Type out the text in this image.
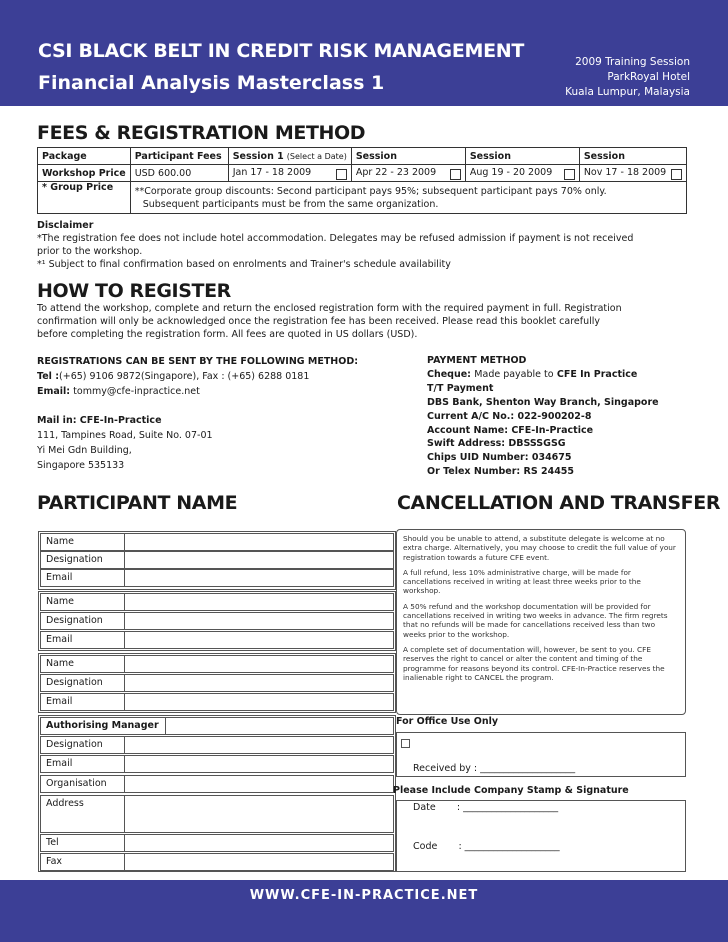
CSI BLACK BELT IN CREDIT RISK MANAGEMENT
Financial Analysis Masterclass 1
2009 Training Session
ParkRoyal Hotel
Kuala Lumpur, Malaysia
FEES & REGISTRATION METHOD
Package	Participant Fees	Session 1 (Select a Date)	Session	Session	Session
Workshop Price	USD 600.00	Jan 17 - 18 2009	Apr 22 - 23 2009	Aug 19 - 20 2009	Nov 17 - 18 2009

* Group Price	**Corporate group discounts: Second participant pays 95%; subsequent participant pays 70% only.
Subsequent participants must be from the same organization.				
Disclaimer
*The registration fee does not include hotel accommodation. Delegates may be refused admission if payment is not received
prior to the workshop.
*¹ Subject to final confirmation based on enrolments and Trainer's schedule availability
HOW TO REGISTER
To attend the workshop, complete and return the enclosed registration form with the required payment in full. Registration
confirmation will only be acknowledged once the registration fee has been received. Please read this booklet carefully
before completing the registration form. All fees are quoted in US dollars (USD).
REGISTRATIONS CAN BE SENT BY THE FOLLOWING METHOD:
Tel :(+65) 9106 9872(Singapore), Fax : (+65) 6288 0181
Email: tommy@cfe-inpractice.net
Mail in: CFE-In-Practice
111, Tampines Road, Suite No. 07-01
Yi Mei Gdn Building,
Singapore 535133
PAYMENT METHOD
Cheque: Made payable to CFE In Practice
T/T Payment
DBS Bank, Shenton Way Branch, Singapore
Current A/C No.: 022-900202-8
Account Name: CFE-In-Practice
Swift Address: DBSSSGSG
Chips UID Number: 034675
Or Telex Number: RS 24455
PARTICIPANT NAME
Name
Designation
Email
Name
Designation
Email
Name
Designation
Email
Authorising Manager
Designation
Email
Organisation
Address
Tel
Fax
CANCELLATION AND TRANSFER

Should you be unable to attend, a substitute delegate is welcome at no extra charge. Alternatively, you may choose to credit the full value of your registration towards a future CFE event.

A full refund, less 10% administrative charge, will be made for cancellations received in writing at least three weeks prior to the workshop.

A 50% refund and the workshop documentation will be provided for cancellations received in writing two weeks in advance. The firm regrets that no refunds will be made for cancellations received less than two weeks prior to the workshop.

A complete set of documentation will, however, be sent to you. CFE reserves the right to cancel or alter the content and timing of the programme for reasons beyond its control. CFE-In-Practice reserves the inalienable right to CANCEL the program.

For Office Use Only

Received by : ____________________

Date       : ____________________

Code       : ____________________

Please Include Company Stamp & Signature
WWW.CFE-IN-PRACTICE.NET
